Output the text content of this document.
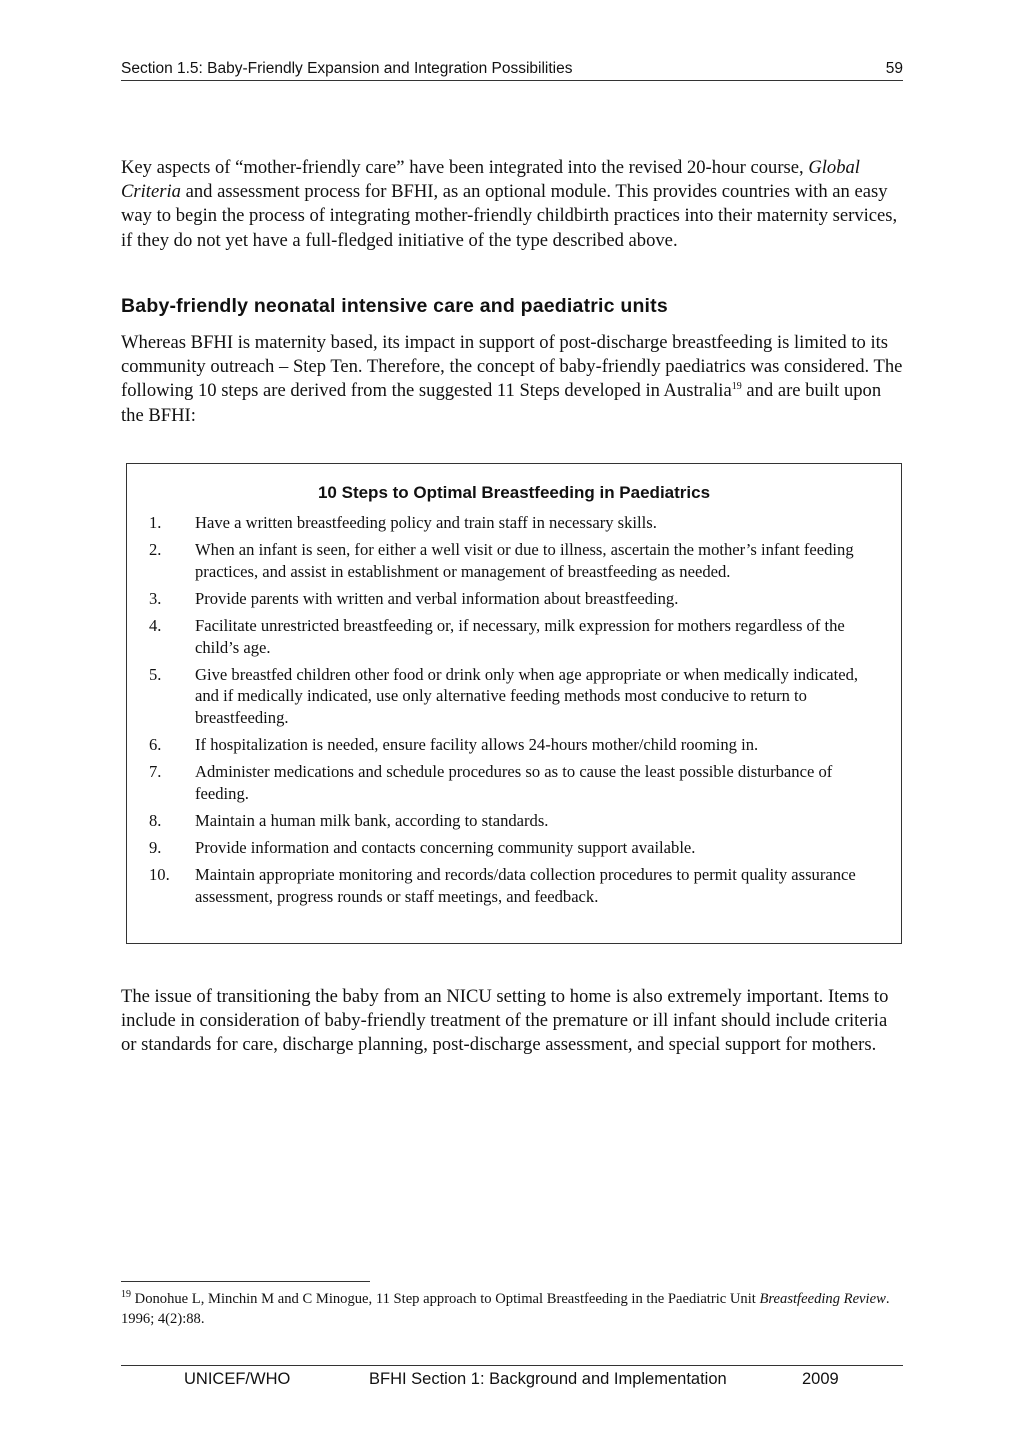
Section 1.5: Baby-Friendly Expansion and Integration Possibilities	59

Key aspects of “mother-friendly care” have been integrated into the revised 20-hour course, Global Criteria and assessment process for BFHI, as an optional module. This provides countries with an easy way to begin the process of integrating mother-friendly childbirth practices into their maternity services, if they do not yet have a full-fledged initiative of the type described above.

Baby-friendly neonatal intensive care and paediatric units

Whereas BFHI is maternity based, its impact in support of post-discharge breastfeeding is limited to its community outreach – Step Ten. Therefore, the concept of baby-friendly paediatrics was considered. The following 10 steps are derived from the suggested 11 Steps developed in Australia$^{19}$ and are built upon the BFHI:

10 Steps to Optimal Breastfeeding in Paediatrics
1.	Have a written breastfeeding policy and train staff in necessary skills.
2.	When an infant is seen, for either a well visit or due to illness, ascertain the mother’s infant feeding practices, and assist in establishment or management of breastfeeding as needed.
3.	Provide parents with written and verbal information about breastfeeding.
4.	Facilitate unrestricted breastfeeding or, if necessary, milk expression for mothers regardless of the child’s age.
5.	Give breastfed children other food or drink only when age appropriate or when medically indicated, and if medically indicated, use only alternative feeding methods most conducive to return to breastfeeding.
6.	If hospitalization is needed, ensure facility allows 24-hours mother/child rooming in.
7.	Administer medications and schedule procedures so as to cause the least possible disturbance of feeding.
8.	Maintain a human milk bank, according to standards.
9.	Provide information and contacts concerning community support available.
10.	Maintain appropriate monitoring and records/data collection procedures to permit quality assurance assessment, progress rounds or staff meetings, and feedback.

The issue of transitioning the baby from an NICU setting to home is also extremely important. Items to include in consideration of baby-friendly treatment of the premature or ill infant should include criteria or standards for care, discharge planning, post-discharge assessment, and special support for mothers.

$^{19}$ Donohue L, Minchin M and C Minogue, 11 Step approach to Optimal Breastfeeding in the Paediatric Unit Breastfeeding Review. 1996; 4(2):88.

UNICEF/WHO	BFHI Section 1: Background and Implementation	2009
